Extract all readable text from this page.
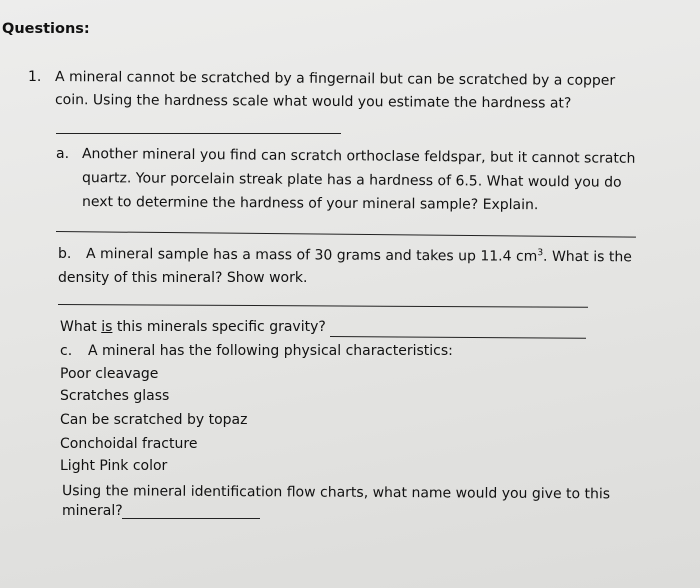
Questions:
1. A mineral cannot be scratched by a fingernail but can be scratched by a copper
coin. Using the hardness scale what would you estimate the hardness at?
a. Another mineral you find can scratch orthoclase feldspar, but it cannot scratch
quartz. Your porcelain streak plate has a hardness of 6.5. What would you do
next to determine the hardness of your mineral sample? Explain.
b. A mineral sample has a mass of 30 grams and takes up 11.4 $cm^3$. What is the
density of this mineral? Show work.
What is this minerals specific gravity?
c. A mineral has the following physical characteristics:
Poor cleavage
Scratches glass
Can be scratched by topaz
Conchoidal fracture
Light Pink color
Using the mineral identification flow charts, what name would you give to this
mineral?
